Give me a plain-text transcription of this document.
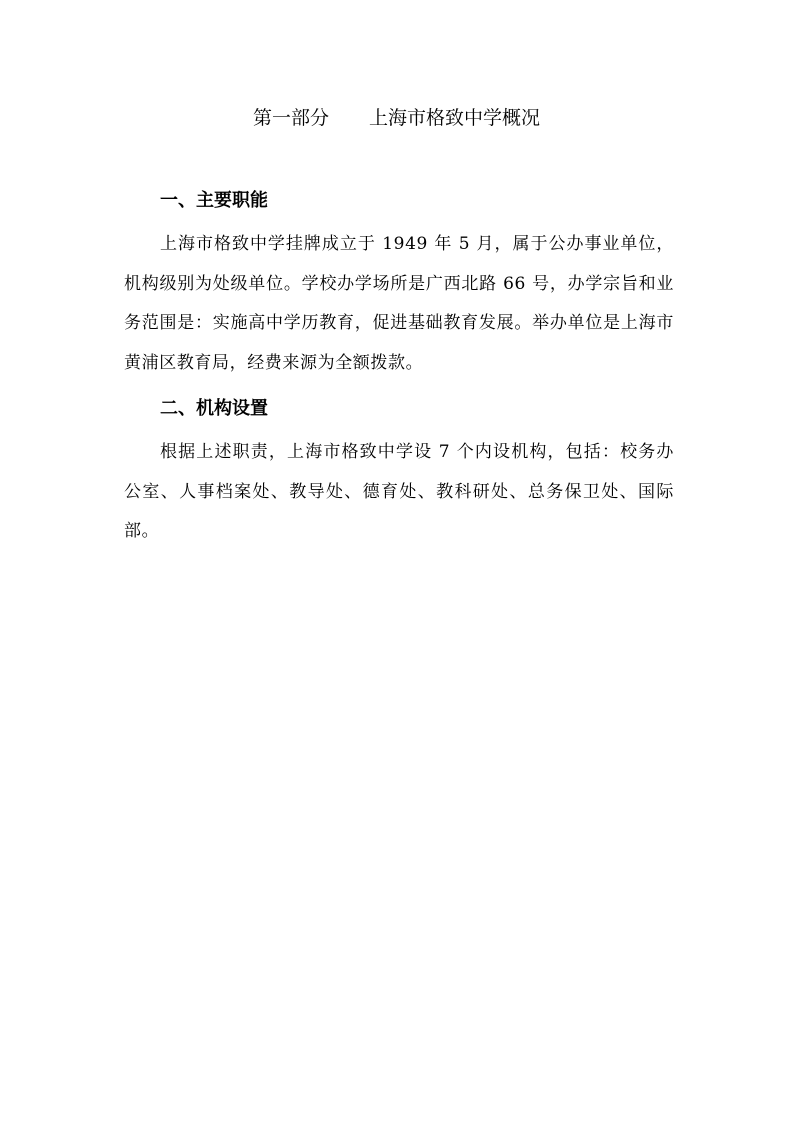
第一部分 上海市格致中学概况
一、主要职能
上海市格致中学挂牌成立于 1949 年 5 月，属于公办事业单位，机构级别为处级单位。学校办学场所是广西北路 66 号，办学宗旨和业务范围是：实施高中学历教育，促进基础教育发展。举办单位是上海市黄浦区教育局，经费来源为全额拨款。
二、机构设置
根据上述职责，上海市格致中学设 7 个内设机构，包括：校务办公室、人事档案处、教导处、德育处、教科研处、总务保卫处、国际部。
